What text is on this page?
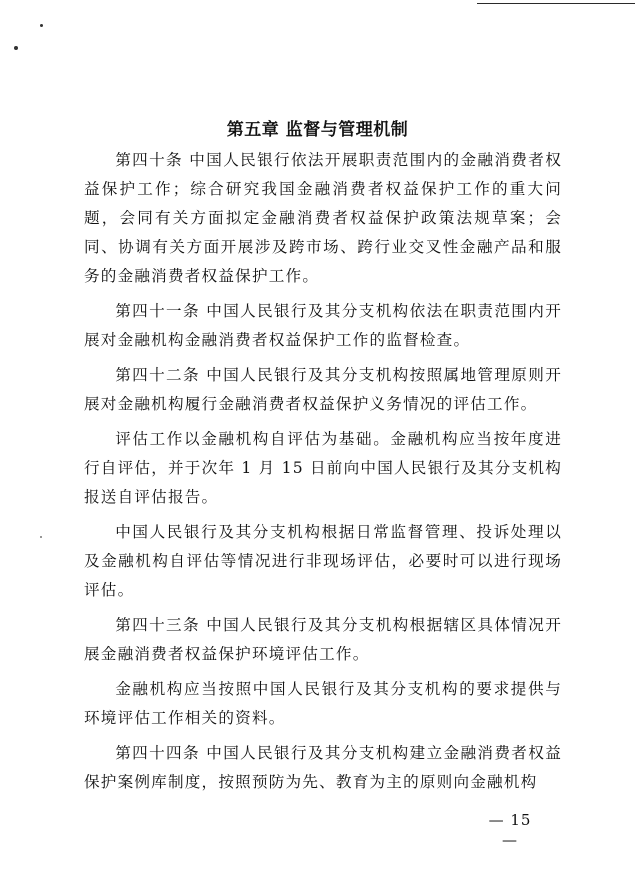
第五章 监督与管理机制

第四十条 中国人民银行依法开展职责范围内的金融消费者权益保护工作；综合研究我国金融消费者权益保护工作的重大问题，会同有关方面拟定金融消费者权益保护政策法规草案；会同、协调有关方面开展涉及跨市场、跨行业交叉性金融产品和服务的金融消费者权益保护工作。

第四十一条 中国人民银行及其分支机构依法在职责范围内开展对金融机构金融消费者权益保护工作的监督检查。

第四十二条 中国人民银行及其分支机构按照属地管理原则开展对金融机构履行金融消费者权益保护义务情况的评估工作。

评估工作以金融机构自评估为基础。金融机构应当按年度进行自评估，并于次年 1 月 15 日前向中国人民银行及其分支机构报送自评估报告。

中国人民银行及其分支机构根据日常监督管理、投诉处理以及金融机构自评估等情况进行非现场评估，必要时可以进行现场评估。

第四十三条 中国人民银行及其分支机构根据辖区具体情况开展金融消费者权益保护环境评估工作。

金融机构应当按照中国人民银行及其分支机构的要求提供与环境评估工作相关的资料。

第四十四条 中国人民银行及其分支机构建立金融消费者权益保护案例库制度，按照预防为先、教育为主的原则向金融机构

— 15 —
